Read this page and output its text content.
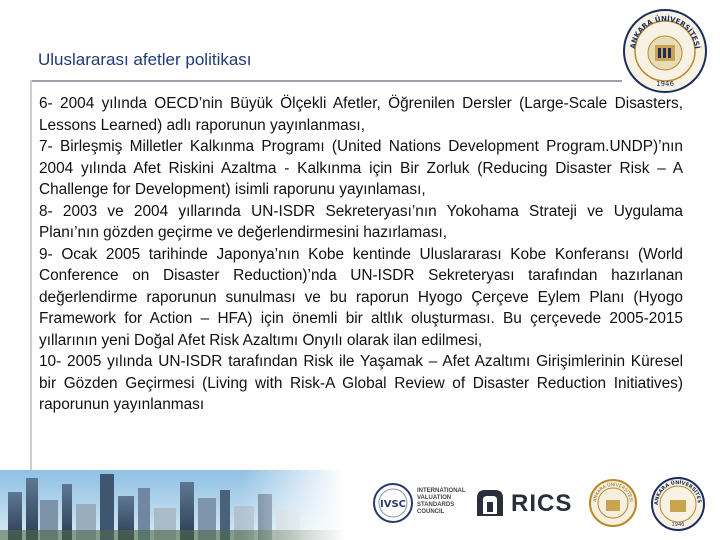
ANKARA ÜNİVERSİTESİ
1946
Uluslararası afetler politikası

6- 2004 yılında OECD’nin Büyük Ölçekli Afetler, Öğrenilen Dersler (Large-Scale Disasters, Lessons Learned) adlı raporunun yayınlanması,

7- Birleşmiş Milletler Kalkınma Programı (United Nations Development Program.UNDP)’nın 2004 yılında Afet Riskini Azaltma - Kalkınma için Bir Zorluk (Reducing Disaster Risk – A Challenge for Development) isimli raporunu yayınlaması,

8- 2003 ve 2004 yıllarında UN-ISDR Sekreteryası’nın Yokohama Strateji ve Uygulama Planı’nın gözden geçirme ve değerlendirmesini hazırlaması,

9- Ocak 2005 tarihinde Japonya’nın Kobe kentinde Uluslararası Kobe Konferansı (World Conference on Disaster Reduction)’nda UN-ISDR Sekreteryası tarafından hazırlanan değerlendirme raporunun sunulması ve bu raporun Hyogo Çerçeve Eylem Planı (Hyogo Framework for Action – HFA) için önemli bir altlık oluşturması. Bu çerçevede 2005-2015 yıllarının yeni Doğal Afet Risk Azaltımı Onyılı olarak ilan edilmesi,

10- 2005 yılında UN-ISDR tarafından Risk ile Yaşamak – Afet Azaltımı Girişimlerinin Küresel bir Gözden Geçirmesi (Living with Risk-A Global Review of Disaster Reduction Initiatives) raporunun yayınlanması

IVSC
INTERNATIONAL
VALUATION
STANDARDS
COUNCIL	RICS	ANKARA ÜNİVERSİTESİ	ANKARA ÜNİVERSİTES
1946
